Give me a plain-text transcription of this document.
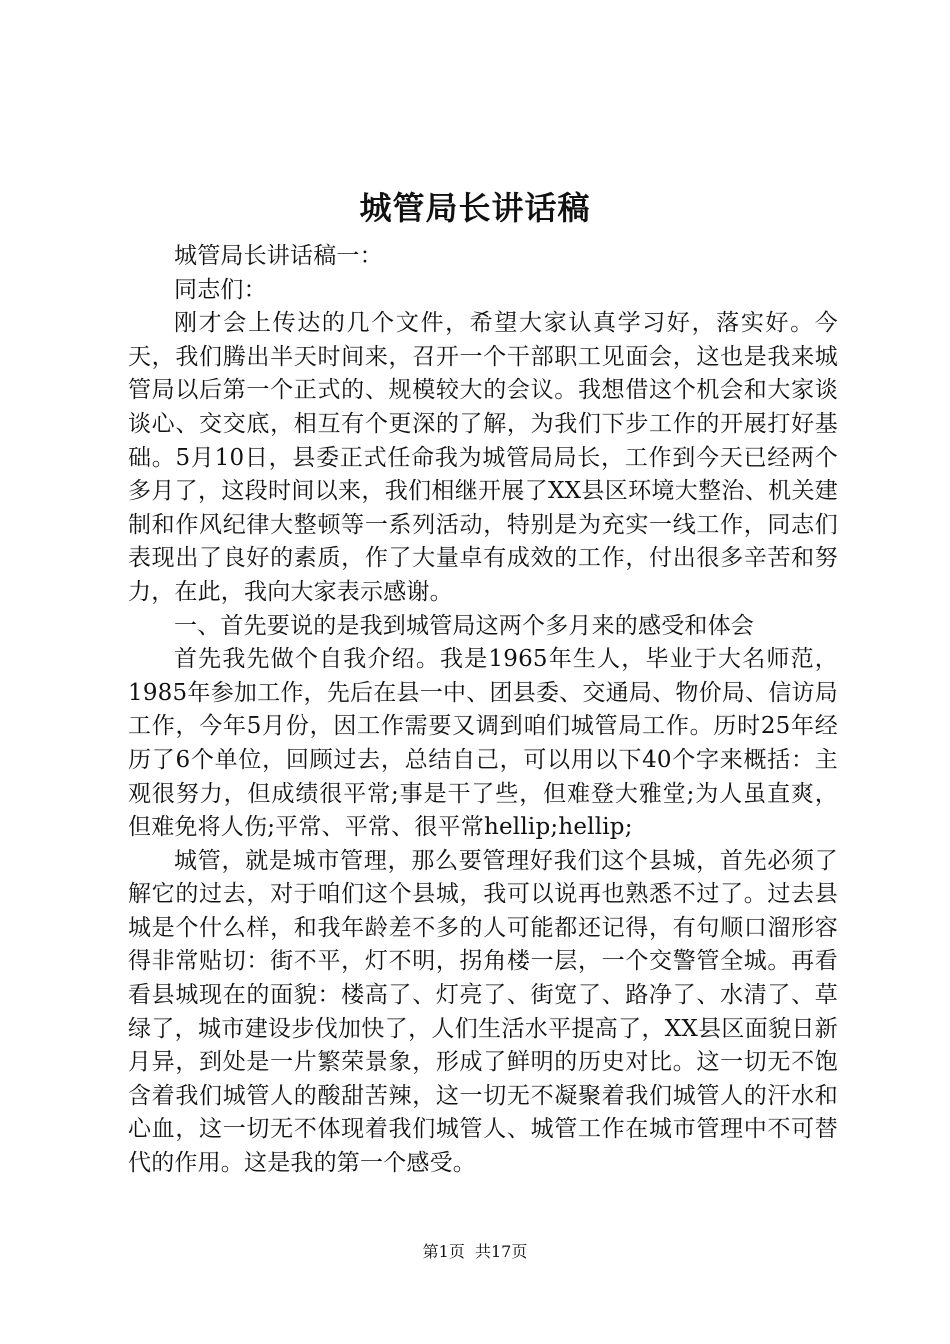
城管局长讲话稿

城管局长讲话稿一：

同志们：

刚才会上传达的几个文件，希望大家认真学习好，落实好。今天，我们腾出半天时间来，召开一个干部职工见面会，这也是我来城管局以后第一个正式的、规模较大的会议。我想借这个机会和大家谈谈心、交交底，相互有个更深的了解，为我们下步工作的开展打好基础。5月10日，县委正式任命我为城管局局长，工作到今天已经两个多月了，这段时间以来，我们相继开展了XX县区环境大整治、机关建制和作风纪律大整顿等一系列活动，特别是为充实一线工作，同志们表现出了良好的素质，作了大量卓有成效的工作，付出很多辛苦和努力，在此，我向大家表示感谢。

一、首先要说的是我到城管局这两个多月来的感受和体会

首先我先做个自我介绍。我是1965年生人，毕业于大名师范，1985年参加工作，先后在县一中、团县委、交通局、物价局、信访局工作，今年5月份，因工作需要又调到咱们城管局工作。历时25年经历了6个单位，回顾过去，总结自己，可以用以下40个字来概括：主观很努力，但成绩很平常;事是干了些，但难登大雅堂;为人虽直爽，但难免将人伤;平常、平常、很平常hellip;hellip;

城管，就是城市管理，那么要管理好我们这个县城，首先必须了解它的过去，对于咱们这个县城，我可以说再也熟悉不过了。过去县城是个什么样，和我年龄差不多的人可能都还记得，有句顺口溜形容得非常贴切：街不平，灯不明，拐角楼一层，一个交警管全城。再看看县城现在的面貌：楼高了、灯亮了、街宽了、路净了、水清了、草绿了，城市建设步伐加快了，人们生活水平提高了，XX县区面貌日新月异，到处是一片繁荣景象，形成了鲜明的历史对比。这一切无不饱含着我们城管人的酸甜苦辣，这一切无不凝聚着我们城管人的汗水和心血，这一切无不体现着我们城管人、城管工作在城市管理中不可替代的作用。这是我的第一个感受。

第1页  共17页
